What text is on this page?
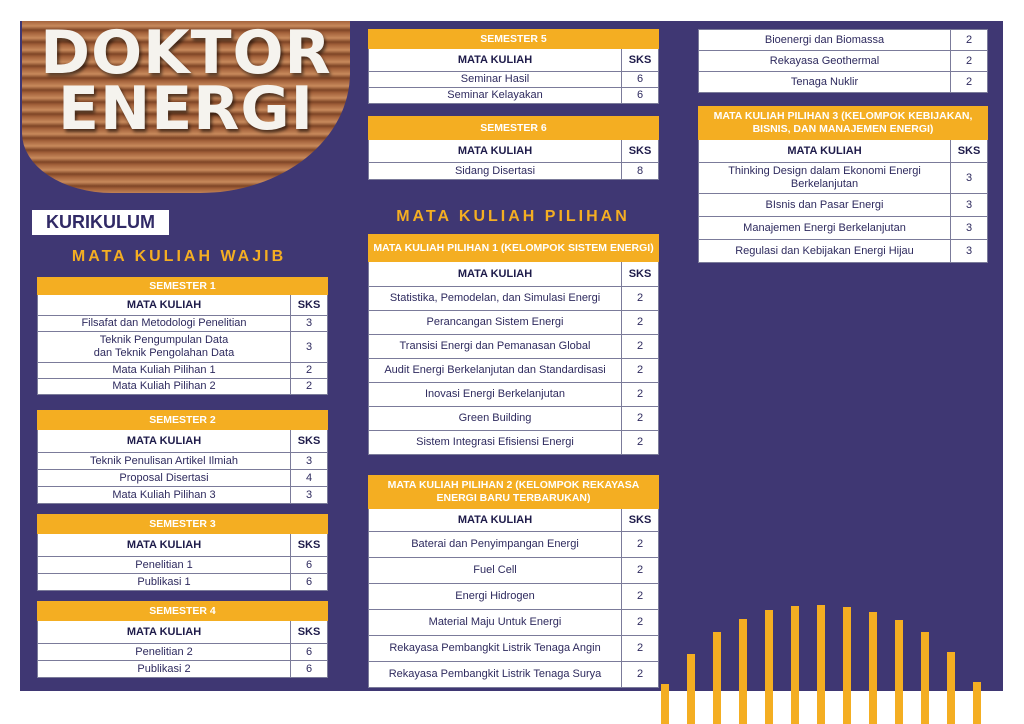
DOKTOR
ENERGI
KURIKULUM
MATA KULIAH WAJIB
MATA KULIAH PILIHAN
SEMESTER 1	
MATA KULIAH	SKS
Filsafat dan Metodologi Penelitian	3
Teknik Pengumpulan Data
dan Teknik Pengolahan Data	3
Mata Kuliah Pilihan 1	2
Mata Kuliah Pilihan 2	2
SEMESTER 2	
MATA KULIAH	SKS
Teknik Penulisan Artikel Ilmiah	3
Proposal Disertasi	4
Mata Kuliah Pilihan 3	3
SEMESTER 3	
MATA KULIAH	SKS
Penelitian 1	6
Publikasi 1	6
SEMESTER 4	
MATA KULIAH	SKS
Penelitian 2	6
Publikasi 2	6
SEMESTER 5	
MATA KULIAH	SKS
Seminar Hasil	6
Seminar Kelayakan	6
SEMESTER 6	
MATA KULIAH	SKS
Sidang Disertasi	8
MATA KULIAH PILIHAN 1 (KELOMPOK SISTEM ENERGI)	
MATA KULIAH	SKS
Statistika, Pemodelan, dan Simulasi Energi	2
Perancangan Sistem Energi	2
Transisi Energi dan Pemanasan Global	2
Audit Energi Berkelanjutan dan Standardisasi	2
Inovasi Energi Berkelanjutan	2
Green Building	2
Sistem Integrasi Efisiensi Energi	2
MATA KULIAH PILIHAN 2 (KELOMPOK REKAYASA ENERGI BARU TERBARUKAN)	
MATA KULIAH	SKS
Baterai dan Penyimpangan Energi	2
Fuel Cell	2
Energi Hidrogen	2
Material Maju Untuk Energi	2
Rekayasa Pembangkit Listrik Tenaga Angin	2
Rekayasa Pembangkit Listrik Tenaga Surya	2
Bioenergi dan Biomassa	2
Rekayasa Geothermal	2
Tenaga Nuklir	2
MATA KULIAH PILIHAN 3 (KELOMPOK KEBIJAKAN, BISNIS, DAN MANAJEMEN ENERGI)	
MATA KULIAH	SKS
Thinking Design dalam Ekonomi Energi Berkelanjutan	3
BIsnis dan Pasar Energi	3
Manajemen Energi Berkelanjutan	3
Regulasi dan Kebijakan Energi Hijau	3
